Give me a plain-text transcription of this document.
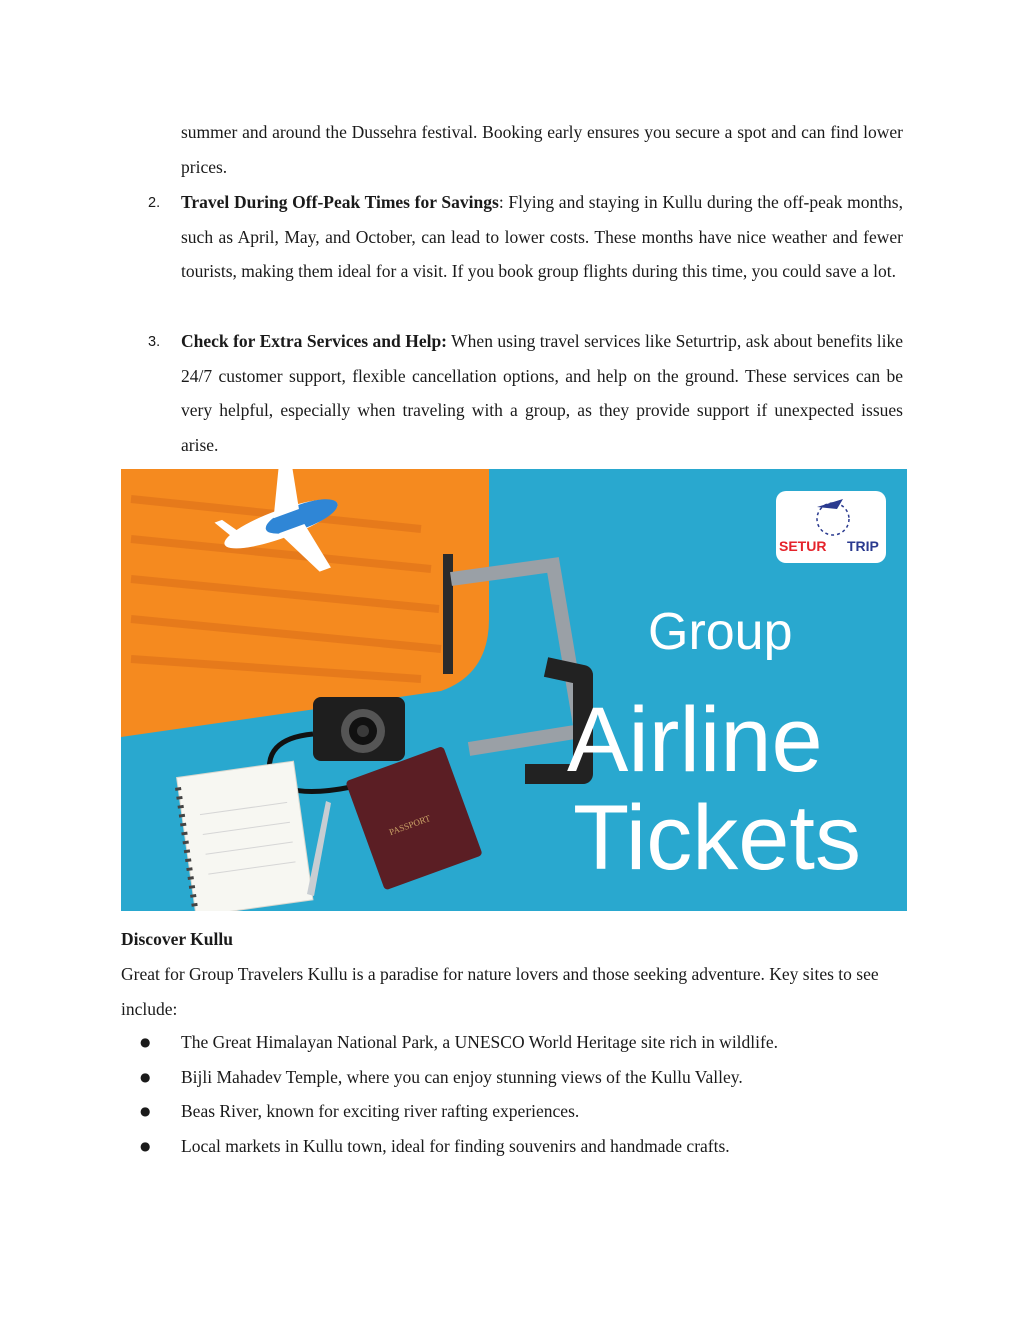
summer and around the Dussehra festival. Booking early ensures you secure a spot and can find lower prices.
2. Travel During Off-Peak Times for Savings: Flying and staying in Kullu during the off-peak months, such as April, May, and October, can lead to lower costs. These months have nice weather and fewer tourists, making them ideal for a visit. If you book group flights during this time, you could save a lot.
3. Check for Extra Services and Help: When using travel services like Seturtrip, ask about benefits like 24/7 customer support, flexible cancellation options, and help on the ground. These services can be very helpful, especially when traveling with a group, as they provide support if unexpected issues arise.
PASSPORT
SETUR TRIP
Group
Airline
Tickets
Discover Kullu
Great for Group Travelers Kullu is a paradise for nature lovers and those seeking adventure. Key sites to see include:
● The Great Himalayan National Park, a UNESCO World Heritage site rich in wildlife.
● Bijli Mahadev Temple, where you can enjoy stunning views of the Kullu Valley.
● Beas River, known for exciting river rafting experiences.
● Local markets in Kullu town, ideal for finding souvenirs and handmade crafts.
